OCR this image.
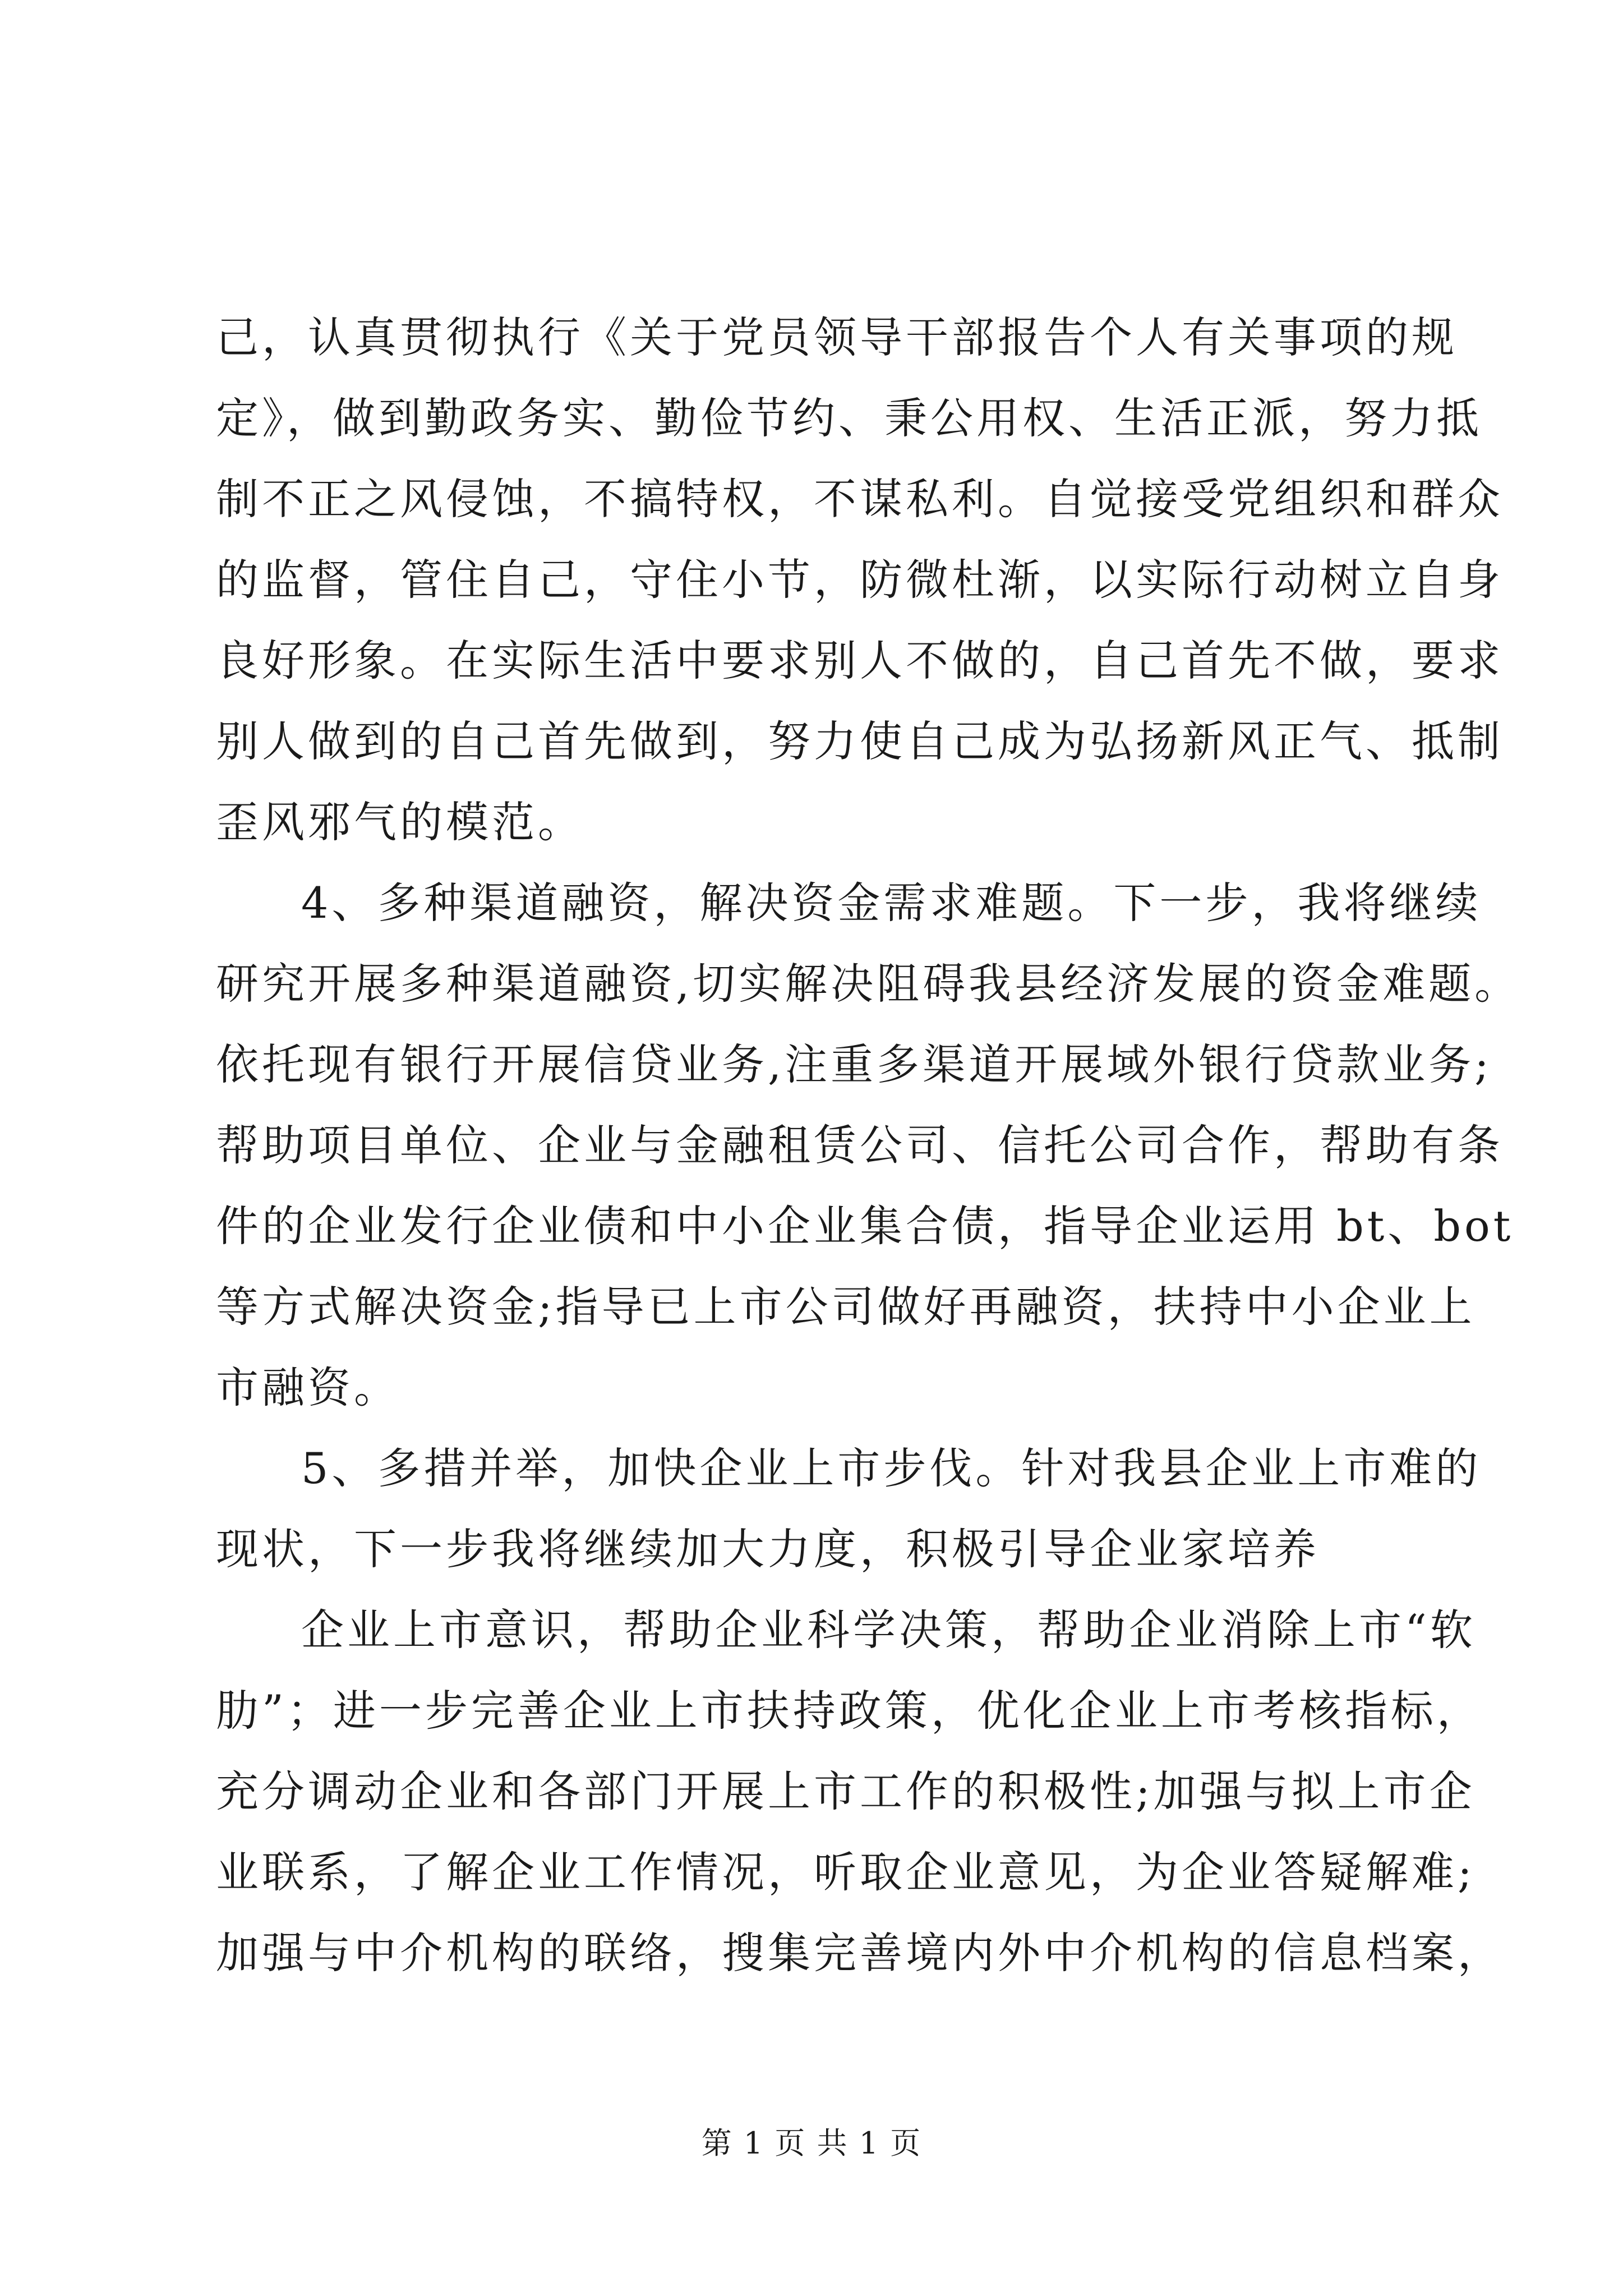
己，认真贯彻执行《关于党员领导干部报告个人有关事项的规
定》，做到勤政务实、勤俭节约、秉公用权、生活正派，努力抵
制不正之风侵蚀，不搞特权，不谋私利。自觉接受党组织和群众
的监督，管住自己，守住小节，防微杜渐，以实际行动树立自身
良好形象。在实际生活中要求别人不做的，自己首先不做，要求
别人做到的自己首先做到，努力使自己成为弘扬新风正气、抵制
歪风邪气的模范。
4、多种渠道融资，解决资金需求难题。下一步，我将继续
研究开展多种渠道融资,切实解决阻碍我县经济发展的资金难题。
依托现有银行开展信贷业务,注重多渠道开展域外银行贷款业务;
帮助项目单位、企业与金融租赁公司、信托公司合作，帮助有条
件的企业发行企业债和中小企业集合债，指导企业运用 bt、bot
等方式解决资金;指导已上市公司做好再融资，扶持中小企业上
市融资。
5、多措并举，加快企业上市步伐。针对我县企业上市难的
现状，下一步我将继续加大力度，积极引导企业家培养
企业上市意识，帮助企业科学决策，帮助企业消除上市“软
肋”；进一步完善企业上市扶持政策，优化企业上市考核指标，
充分调动企业和各部门开展上市工作的积极性;加强与拟上市企
业联系，了解企业工作情况，听取企业意见，为企业答疑解难;
加强与中介机构的联络，搜集完善境内外中介机构的信息档案，
第 1 页 共 1 页
